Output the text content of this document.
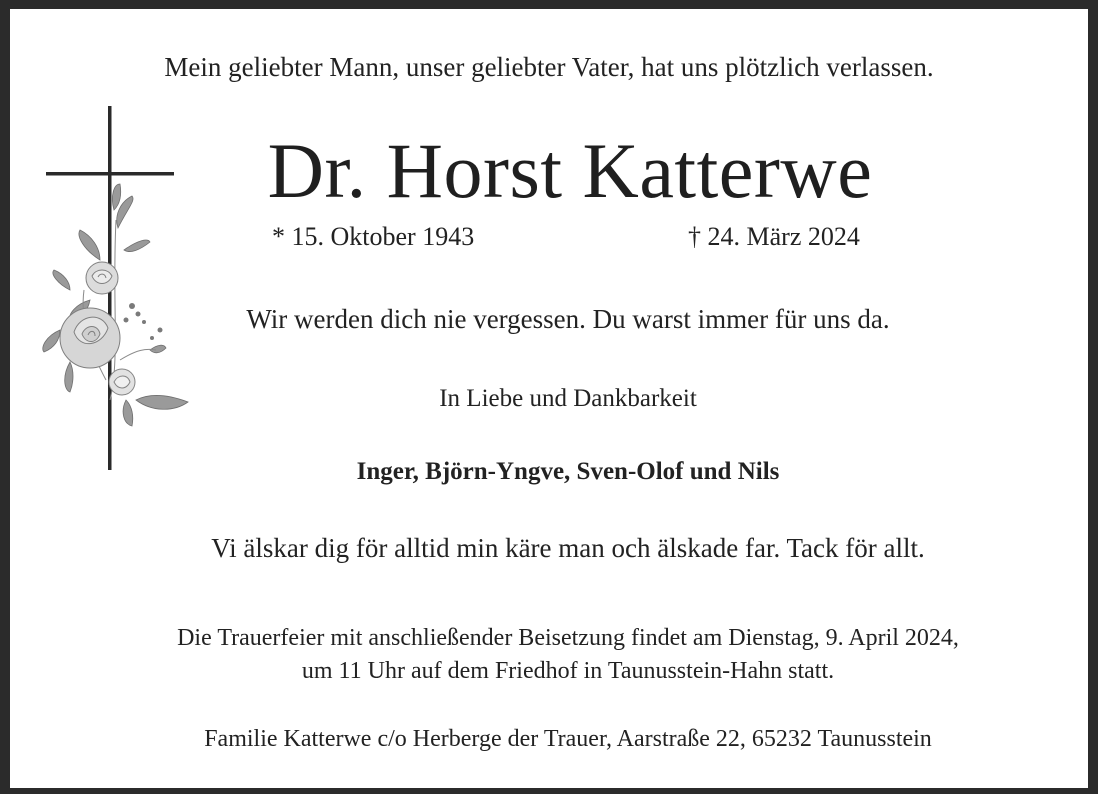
Mein geliebter Mann, unser geliebter Vater, hat uns plötzlich verlassen.
Dr. Horst Katterwe
* 15. Oktober 1943	† 24. März 2024
Wir werden dich nie vergessen. Du warst immer für uns da.
In Liebe und Dankbarkeit
Inger, Björn-Yngve, Sven-Olof und Nils
Vi älskar dig för alltid min käre man och älskade far. Tack för allt.
Die Trauerfeier mit anschließender Beisetzung findet am Dienstag, 9. April 2024,
um 11 Uhr auf dem Friedhof in Taunusstein-Hahn statt.
Familie Katterwe c/o Herberge der Trauer, Aarstraße 22, 65232 Taunusstein
